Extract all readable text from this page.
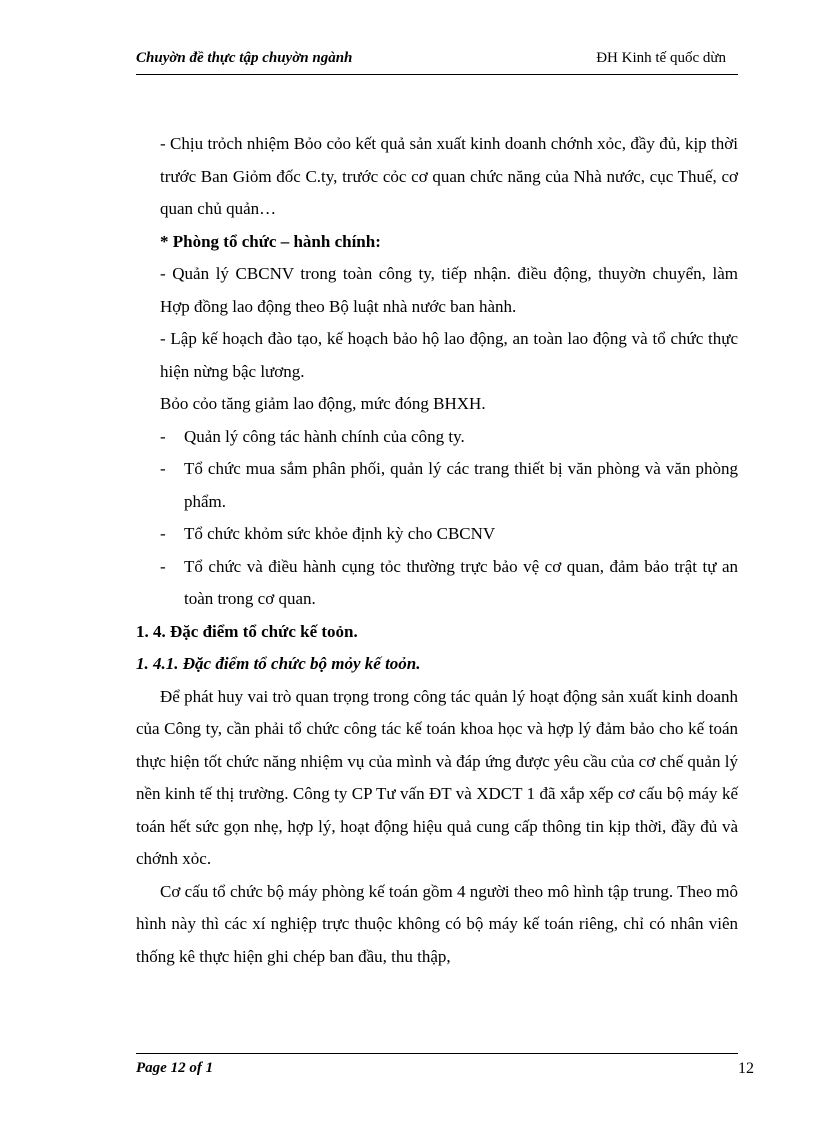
Chuyờn đề thực tập chuyờn ngành	ĐH Kinh tế quốc dừn

- Chịu trỏch nhiệm Bỏo cỏo kết quả sản xuất kinh doanh chớnh xỏc, đầy đủ, kịp thời trước Ban Giỏm đốc C.ty, trước cỏc cơ quan chức năng của Nhà nước, cục Thuế, cơ quan chủ quản…

* Phòng tổ chức – hành chính:

- Quản lý CBCNV trong toàn công ty, tiếp nhận. điều động, thuyờn chuyển, làm Hợp đồng lao động theo Bộ luật nhà nước ban hành.

- Lập kế hoạch đào tạo, kế hoạch bảo hộ lao động, an toàn lao động và tổ chức thực hiện nừng bậc lương.

Bỏo cỏo tăng giảm lao động, mức đóng BHXH.

- Quản lý công tác hành chính của công ty.

- Tổ chức mua sắm phân phối, quản lý các trang thiết bị văn phòng và văn phòng phẩm.

- Tổ chức khỏm sức khỏe định kỳ cho CBCNV

- Tổ chức và điều hành cụng tỏc thường trực bảo vệ cơ quan, đảm bảo trật tự an toàn trong cơ quan.

1. 4. Đặc điểm tổ chức kế toỏn.

1. 4.1. Đặc điểm tổ chức bộ mỏy kế toỏn.

Để phát huy vai trò quan trọng trong công tác quản lý hoạt động sản xuất kinh doanh của Công ty, cần phải tổ chức công tác kế toán khoa học và hợp lý đảm bảo cho kế toán thực hiện tốt chức năng nhiệm vụ của mình và đáp ứng được yêu cầu của cơ chế quản lý nền kinh tế thị trường. Công ty CP Tư vấn ĐT và XDCT 1 đã xắp xếp cơ cấu bộ máy kế toán hết sức gọn nhẹ, hợp lý, hoạt động hiệu quả cung cấp thông tin kịp thời, đầy đủ và chớnh xỏc.

Cơ cấu tổ chức bộ máy phòng kế toán gồm 4 người theo mô hình tập trung. Theo mô hình này thì các xí nghiệp trực thuộc không có bộ máy kế toán riêng, chỉ có nhân viên thống kê thực hiện ghi chép ban đầu, thu thập,

Page 12 of 1	12
